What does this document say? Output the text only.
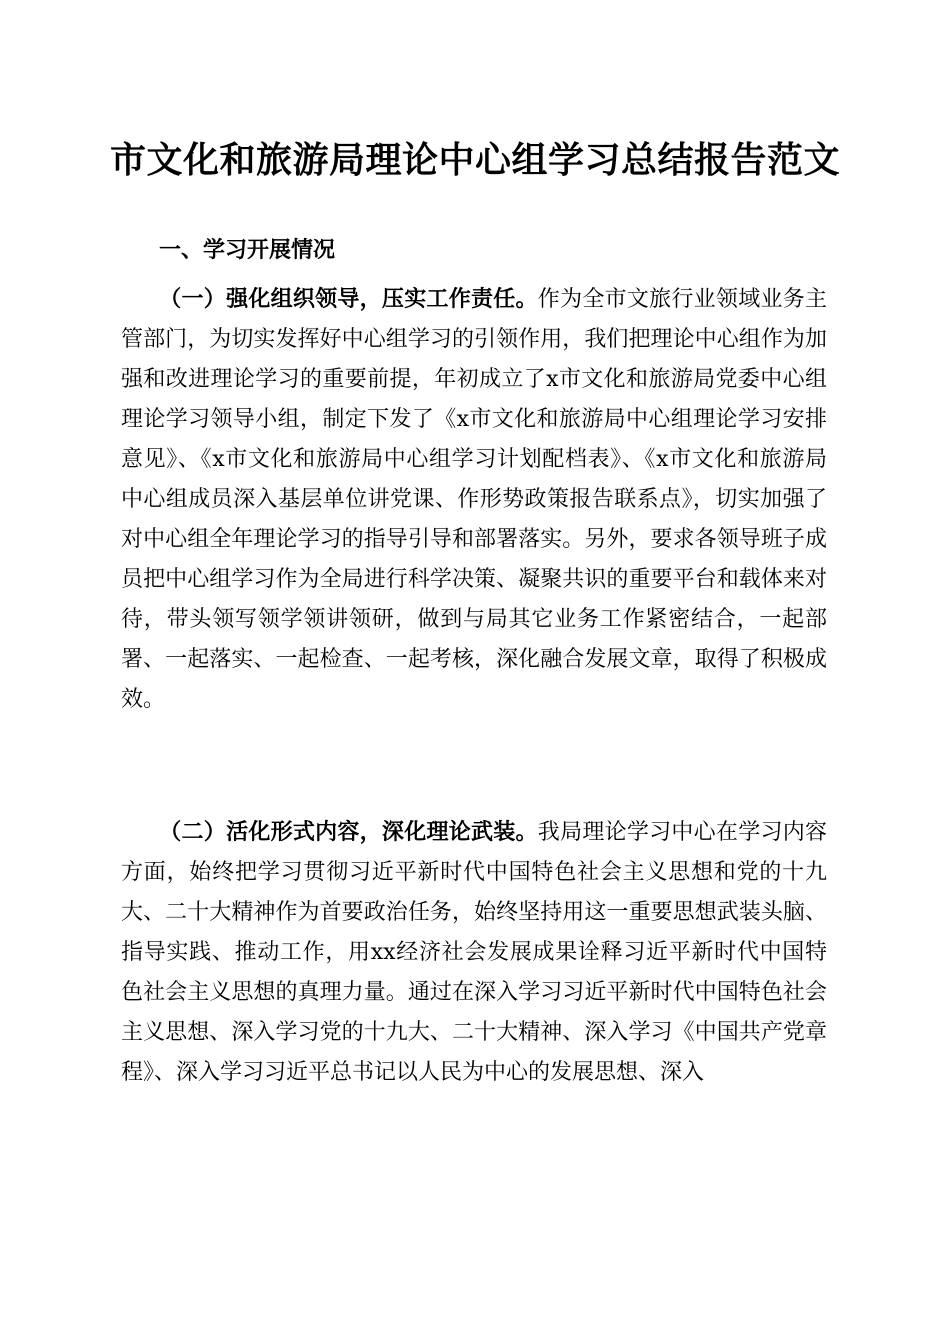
市文化和旅游局理论中心组学习总结报告范文
一、学习开展情况

（一）强化组织领导，压实工作责任。作为全市文旅行业领域业务主管部门，为切实发挥好中心组学习的引领作用，我们把理论中心组作为加强和改进理论学习的重要前提，年初成立了x市文化和旅游局党委中心组理论学习领导小组，制定下发了《x市文化和旅游局中心组理论学习安排意见》、《x市文化和旅游局中心组学习计划配档表》、《x市文化和旅游局中心组成员深入基层单位讲党课、作形势政策报告联系点》，切实加强了对中心组全年理论学习的指导引导和部署落实。另外，要求各领导班子成员把中心组学习作为全局进行科学决策、凝聚共识的重要平台和载体来对待，带头领写领学领讲领研，做到与局其它业务工作紧密结合，一起部署、一起落实、一起检查、一起考核，深化融合发展文章，取得了积极成效。

（二）活化形式内容，深化理论武装。我局理论学习中心在学习内容方面，始终把学习贯彻习近平新时代中国特色社会主义思想和党的十九大、二十大精神作为首要政治任务，始终坚持用这一重要思想武装头脑、指导实践、推动工作，用xx经济社会发展成果诠释习近平新时代中国特色社会主义思想的真理力量。通过在深入学习习近平新时代中国特色社会主义思想、深入学习党的十九大、二十大精神、深入学习《中国共产党章程》、深入学习习近平总书记以人民为中心的发展思想、深入
